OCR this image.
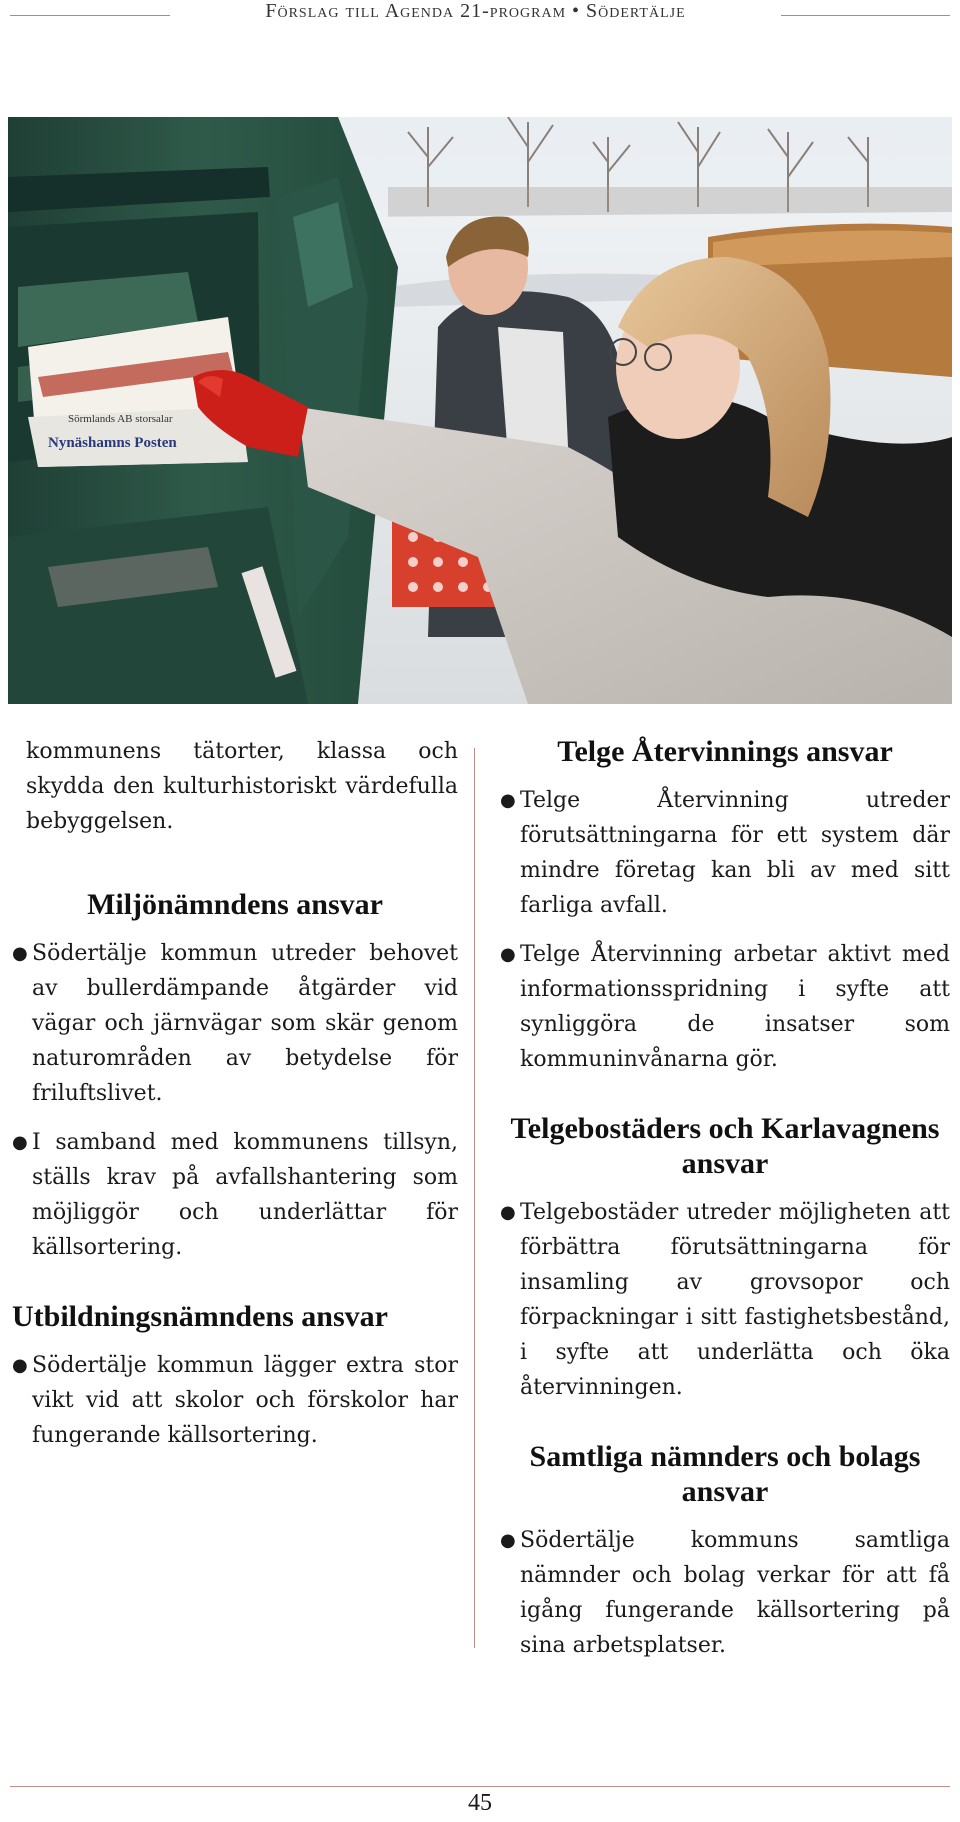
Förslag till Agenda 21-program • Södertälje
Nynäshamns Posten
Sörmlands AB storsalar

kommunens tätorter, klassa och skydda den kulturhistoriskt värdefulla bebyggelsen.

Miljönämndens ansvar
● Södertälje kommun utreder behovet av bullerdämpande åtgärder vid vägar och järnvägar som skär genom naturområden av betydelse för friluftslivet.
● I samband med kommunens tillsyn, ställs krav på avfallshantering som möjliggör och underlättar för källsortering.
Utbildningsnämndens ansvar
● Södertälje kommun lägger extra stor vikt vid att skolor och förskolor har fungerande källsortering.
Telge Återvinnings ansvar
● Telge Återvinning utreder förutsättningarna för ett system där mindre företag kan bli av med sitt farliga avfall.
● Telge Återvinning arbetar aktivt med informationsspridning i syfte att synliggöra de insatser som kommuninvånarna gör.
Telgebostäders och Karlavagnens ansvar
● Telgebostäder utreder möjligheten att förbättra förutsättningarna för insamling av grovsopor och förpackningar i sitt fastighetsbestånd, i syfte att underlätta och öka återvinningen.
Samtliga nämnders och bolags ansvar
● Södertälje kommuns samtliga nämnder och bolag verkar för att få igång fungerande källsortering på sina arbetsplatser.
45
